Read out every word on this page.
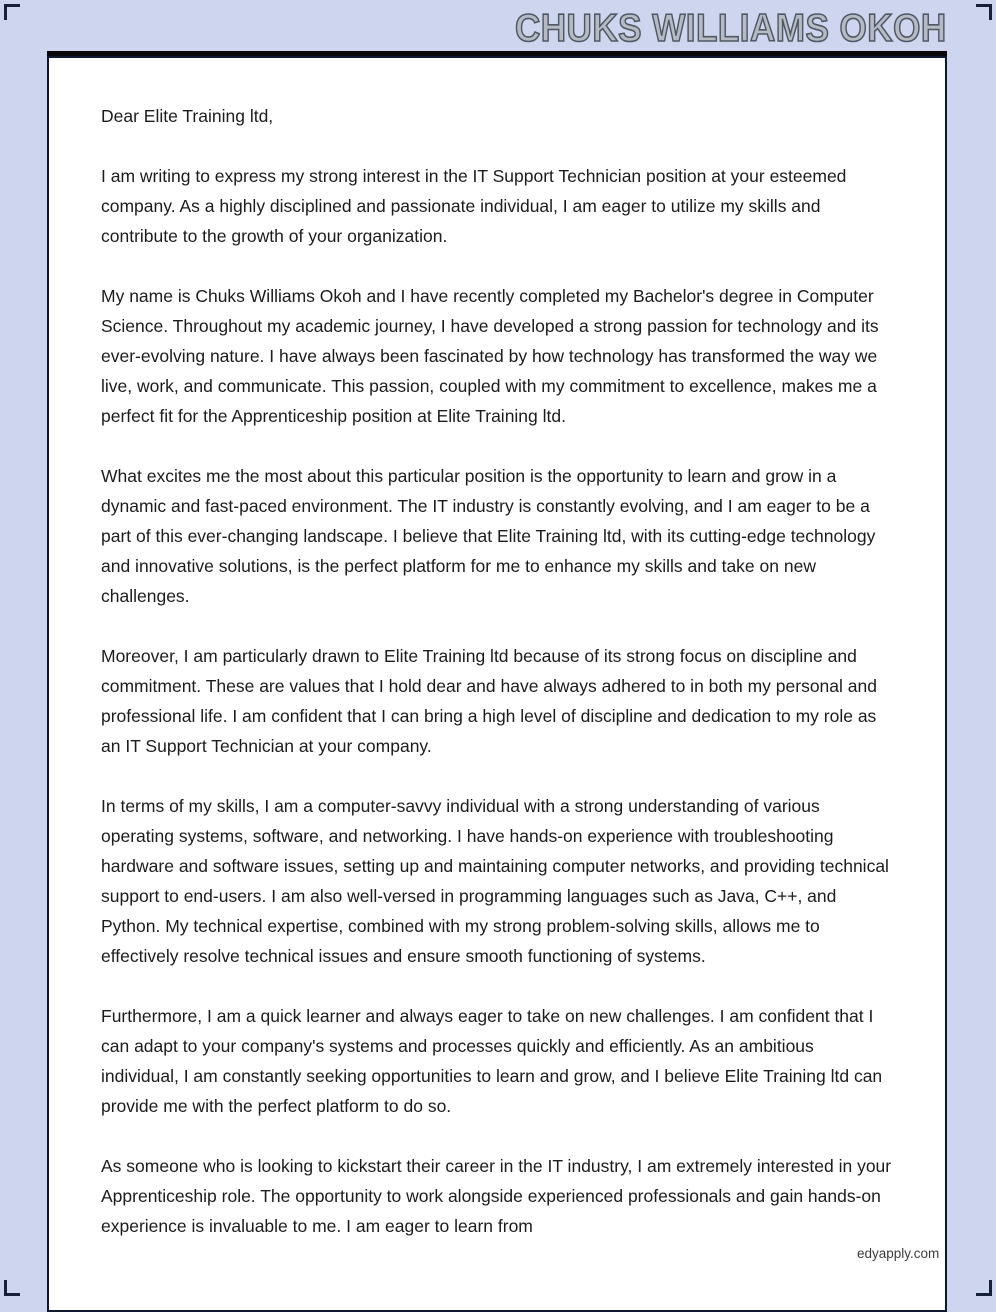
CHUKS WILLIAMS OKOH

Dear Elite Training ltd,

I am writing to express my strong interest in the IT Support Technician position at your esteemed company. As a highly disciplined and passionate individual, I am eager to utilize my skills and contribute to the growth of your organization.

My name is Chuks Williams Okoh and I have recently completed my Bachelor's degree in Computer Science. Throughout my academic journey, I have developed a strong passion for technology and its ever-evolving nature. I have always been fascinated by how technology has transformed the way we live, work, and communicate. This passion, coupled with my commitment to excellence, makes me a perfect fit for the Apprenticeship position at Elite Training ltd.

What excites me the most about this particular position is the opportunity to learn and grow in a dynamic and fast-paced environment. The IT industry is constantly evolving, and I am eager to be a part of this ever-changing landscape. I believe that Elite Training ltd, with its cutting-edge technology and innovative solutions, is the perfect platform for me to enhance my skills and take on new challenges.

Moreover, I am particularly drawn to Elite Training ltd because of its strong focus on discipline and commitment. These are values that I hold dear and have always adhered to in both my personal and professional life. I am confident that I can bring a high level of discipline and dedication to my role as an IT Support Technician at your company.

In terms of my skills, I am a computer-savvy individual with a strong understanding of various operating systems, software, and networking. I have hands-on experience with troubleshooting hardware and software issues, setting up and maintaining computer networks, and providing technical support to end-users. I am also well-versed in programming languages such as Java, C++, and Python. My technical expertise, combined with my strong problem-solving skills, allows me to effectively resolve technical issues and ensure smooth functioning of systems.

Furthermore, I am a quick learner and always eager to take on new challenges. I am confident that I can adapt to your company's systems and processes quickly and efficiently. As an ambitious individual, I am constantly seeking opportunities to learn and grow, and I believe Elite Training ltd can provide me with the perfect platform to do so.

As someone who is looking to kickstart their career in the IT industry, I am extremely interested in your Apprenticeship role. The opportunity to work alongside experienced professionals and gain hands-on experience is invaluable to me. I am eager to learn from

edyapply.com
